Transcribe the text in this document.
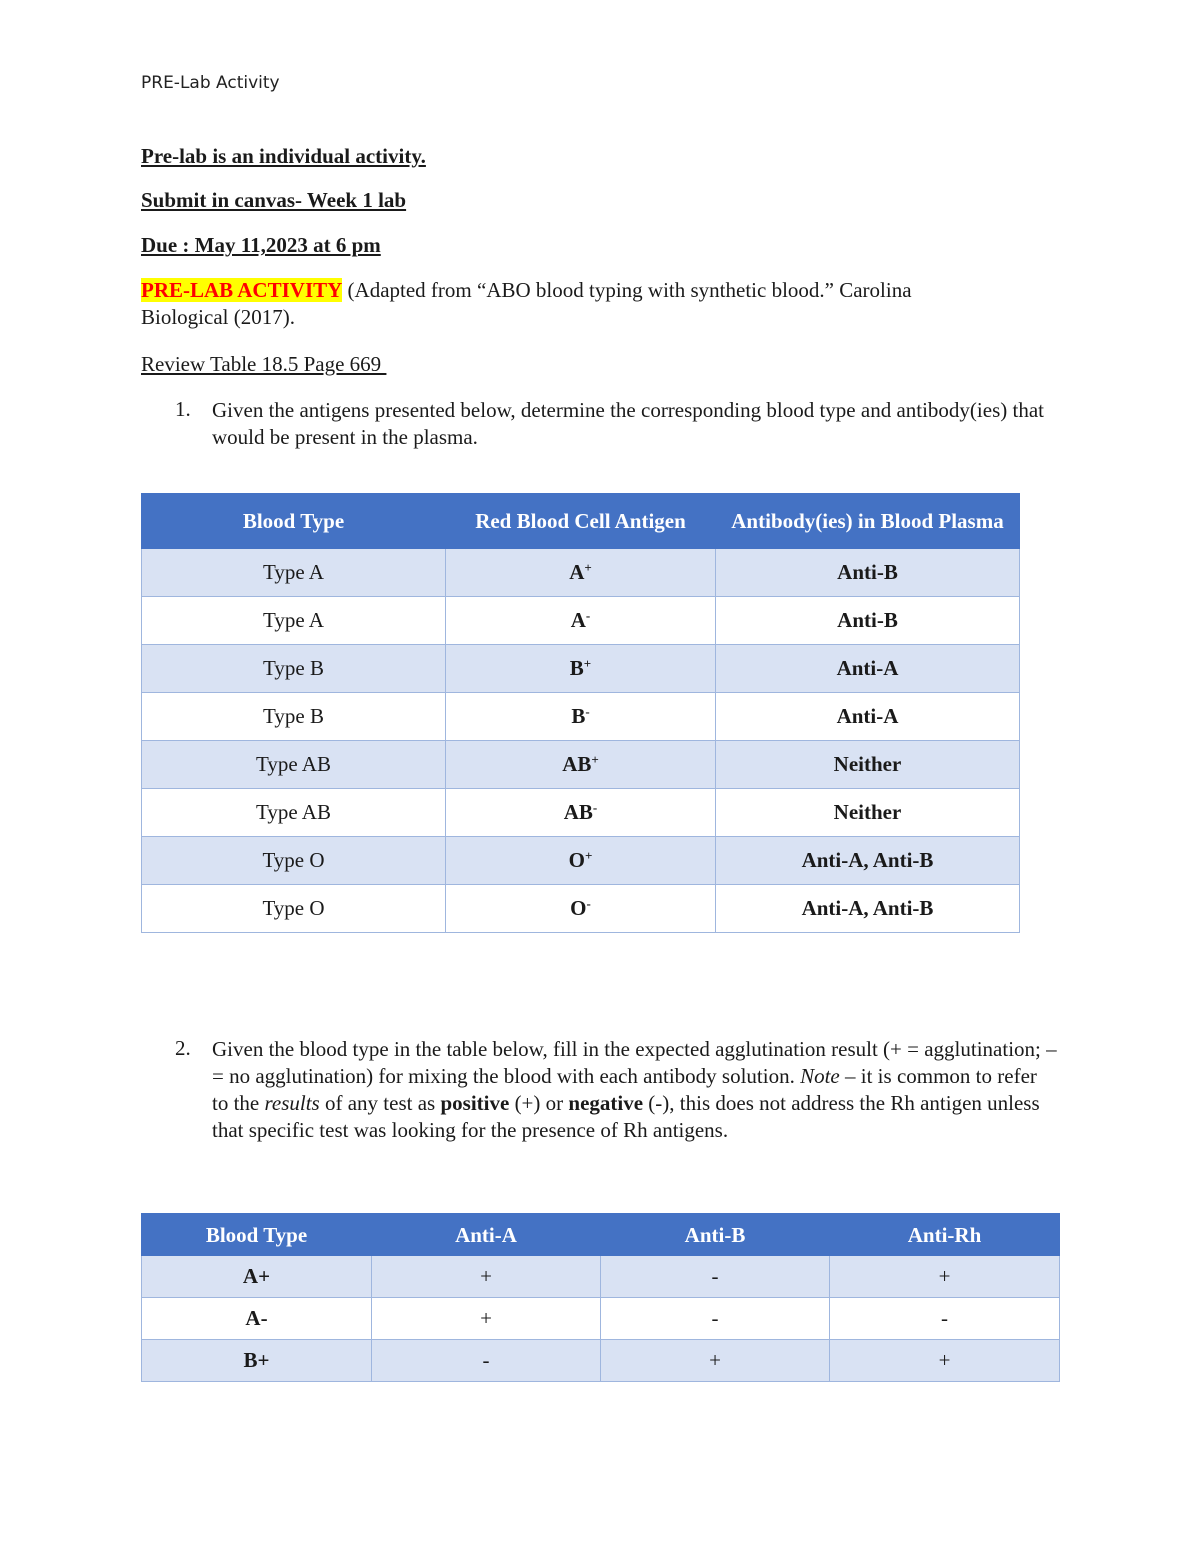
PRE-Lab Activity
Pre-lab is an individual activity.
Submit in canvas- Week 1 lab
Due : May 11,2023 at 6 pm
PRE-LAB ACTIVITY (Adapted from “ABO blood typing with synthetic blood.” Carolina
Biological (2017).
Review Table 18.5 Page 669
1. Given the antigens presented below, determine the corresponding blood type and antibody(ies) that would be present in the plasma.
Blood Type	Red Blood Cell Antigen	Antibody(ies) in Blood Plasma
Type A	A+	Anti-B
Type A	A-	Anti-B
Type B	B+	Anti-A
Type B	B-	Anti-A
Type AB	AB+	Neither
Type AB	AB-	Neither
Type O	O+	Anti-A, Anti-B
Type O	O-	Anti-A, Anti-B
2. Given the blood type in the table below, fill in the expected agglutination result (+ = agglutination; – = no agglutination) for mixing the blood with each antibody solution. Note – it is common to refer to the results of any test as positive (+) or negative (-), this does not address the Rh antigen unless that specific test was looking for the presence of Rh antigens.
Blood Type	Anti-A	Anti-B	Anti-Rh
A+	+	-	+
A-	+	-	-
B+	-	+	+
